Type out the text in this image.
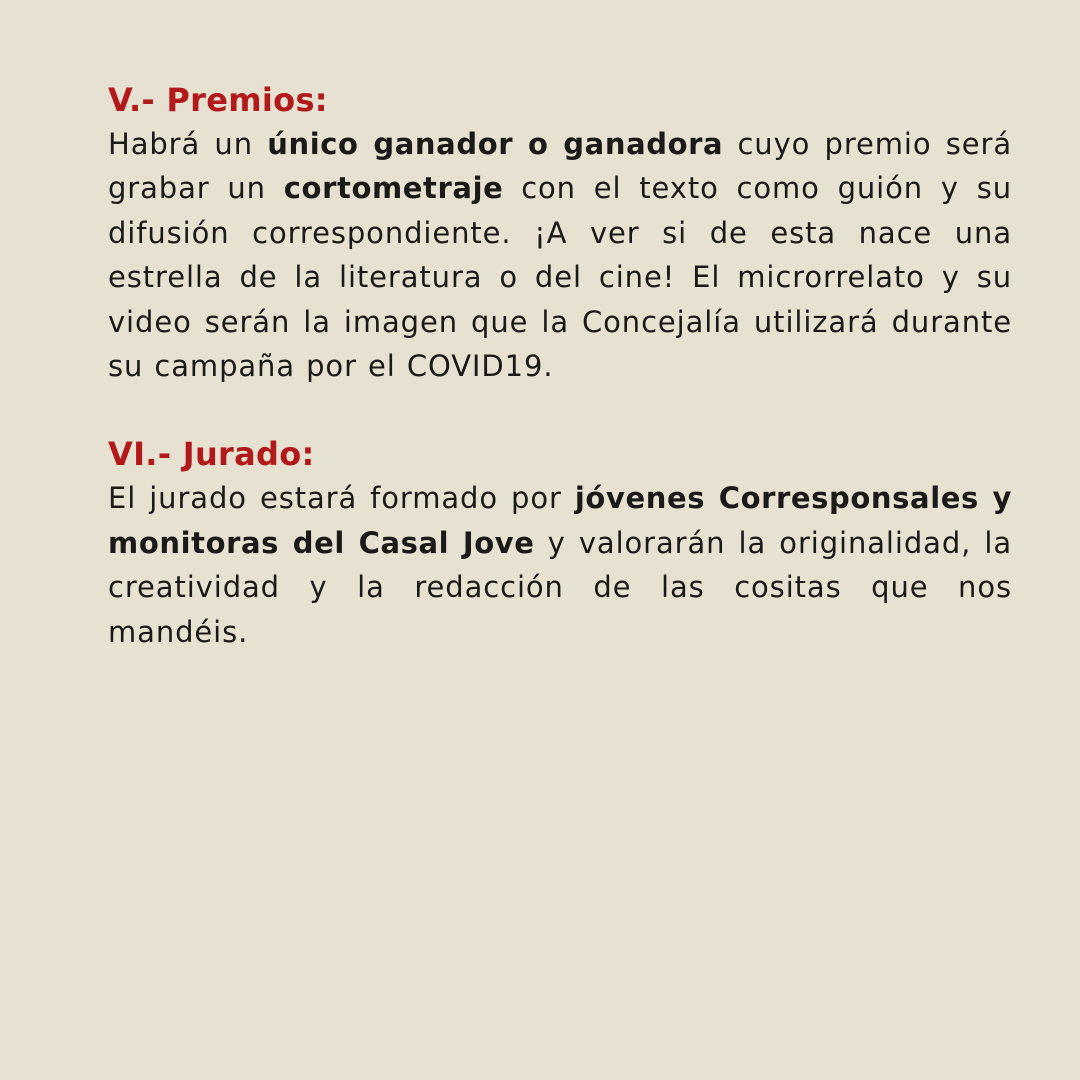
V.- Premios:

Habrá un único ganador o ganadora cuyo premio será grabar un cortometraje con el texto como guión y su difusión correspondiente. ¡A ver si de esta nace una estrella de la literatura o del cine! El microrrelato y su video serán la imagen que la Concejalía utilizará durante su campaña por el COVID19.

VI.- Jurado:

El jurado estará formado por jóvenes Corresponsales y monitoras del Casal Jove y valorarán la originalidad, la creatividad y la redacción de las cositas que nos mandéis.
